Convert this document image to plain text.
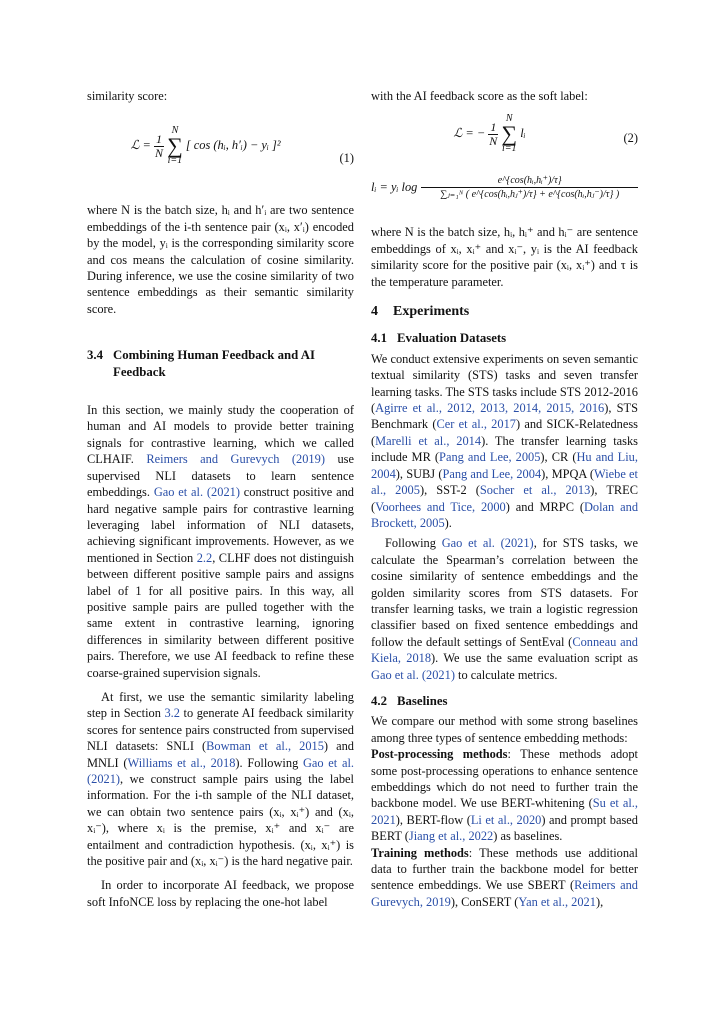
similarity score:

ℒ = $\frac{1}{N}$
N
∑
i=1 [ cos (hᵢ, h′ᵢ) − yᵢ ]²
(1)

where N is the batch size, hᵢ and h′ᵢ are two sentence embeddings of the i-th sentence pair (xᵢ, x′ᵢ) encoded by the model, yᵢ is the corresponding similarity score and cos means the calculation of cosine similarity. During inference, we use the cosine similarity of two sentence embeddings as their semantic similarity score.

3.4 Combining Human Feedback and AI Feedback

In this section, we mainly study the cooperation of human and AI models to provide better training signals for contrastive learning, which we called CLHAIF. Reimers and Gurevych (2019) use supervised NLI datasets to learn sentence embeddings. Gao et al. (2021) construct positive and hard negative sample pairs for contrastive learning leveraging label information of NLI datasets, achieving significant improvements. However, as we mentioned in Section 2.2, CLHF does not distinguish between different positive sample pairs and assigns label of 1 for all positive pairs. In this way, all positive sample pairs are pulled together with the same extent in contrastive learning, ignoring differences in similarity between different positive pairs. Therefore, we use AI feedback to refine these coarse-grained supervision signals.

At first, we use the semantic similarity labeling step in Section 3.2 to generate AI feedback similarity scores for sentence pairs constructed from supervised NLI datasets: SNLI (Bowman et al., 2015) and MNLI (Williams et al., 2018). Following Gao et al. (2021), we construct sample pairs using the label information. For the i-th sample of the NLI dataset, we can obtain two sentence pairs (xᵢ, xᵢ⁺) and (xᵢ, xᵢ⁻), where xᵢ is the premise, xᵢ⁺ and xᵢ⁻ are entailment and contradiction hypothesis. (xᵢ, xᵢ⁺) is the positive pair and (xᵢ, xᵢ⁻) is the hard negative pair.

In order to incorporate AI feedback, we propose soft InfoNCE loss by replacing the one-hot label

with the AI feedback score as the soft label:

ℒ = − $\frac{1}{N}$
N
∑
i=1 lᵢ	(2)
lᵢ = yᵢ $\log \frac{\text{e\textasciicircum{}\{cos(hᵢ,hᵢ⁺)/τ\}}}{\text{∑ⱼ₌₁ᴺ ( e\textasciicircum{}\{cos(hᵢ,hⱼ⁺)/τ\} + e\textasciicircum{}\{cos(hᵢ,hⱼ⁻)/τ\} )}}$

where N is the batch size, hᵢ, hᵢ⁺ and hᵢ⁻ are sentence embeddings of xᵢ, xᵢ⁺ and xᵢ⁻, yᵢ is the AI feedback similarity score for the positive pair (xᵢ, xᵢ⁺) and τ is the temperature parameter.

4 Experiments
4.1 Evaluation Datasets

We conduct extensive experiments on seven semantic textual similarity (STS) tasks and seven transfer learning tasks. The STS tasks include STS 2012-2016 (Agirre et al., 2012, 2013, 2014, 2015, 2016), STS Benchmark (Cer et al., 2017) and SICK-Relatedness (Marelli et al., 2014). The transfer learning tasks include MR (Pang and Lee, 2005), CR (Hu and Liu, 2004), SUBJ (Pang and Lee, 2004), MPQA (Wiebe et al., 2005), SST-2 (Socher et al., 2013), TREC (Voorhees and Tice, 2000) and MRPC (Dolan and Brockett, 2005).

Following Gao et al. (2021), for STS tasks, we calculate the Spearman’s correlation between the cosine similarity of sentence embeddings and the golden similarity scores from STS datasets. For transfer learning tasks, we train a logistic regression classifier based on fixed sentence embeddings and follow the default settings of SentEval (Conneau and Kiela, 2018). We use the same evaluation script as Gao et al. (2021) to calculate metrics.

4.2 Baselines

We compare our method with some strong baselines among three types of sentence embedding methods:

Post-processing methods: These methods adopt some post-processing operations to enhance sentence embeddings which do not need to further train the backbone model. We use BERT-whitening (Su et al., 2021), BERT-flow (Li et al., 2020) and prompt based BERT (Jiang et al., 2022) as baselines.

Training methods: These methods use additional data to further train the backbone model for better sentence embeddings. We use SBERT (Reimers and Gurevych, 2019), ConSERT (Yan et al., 2021),
